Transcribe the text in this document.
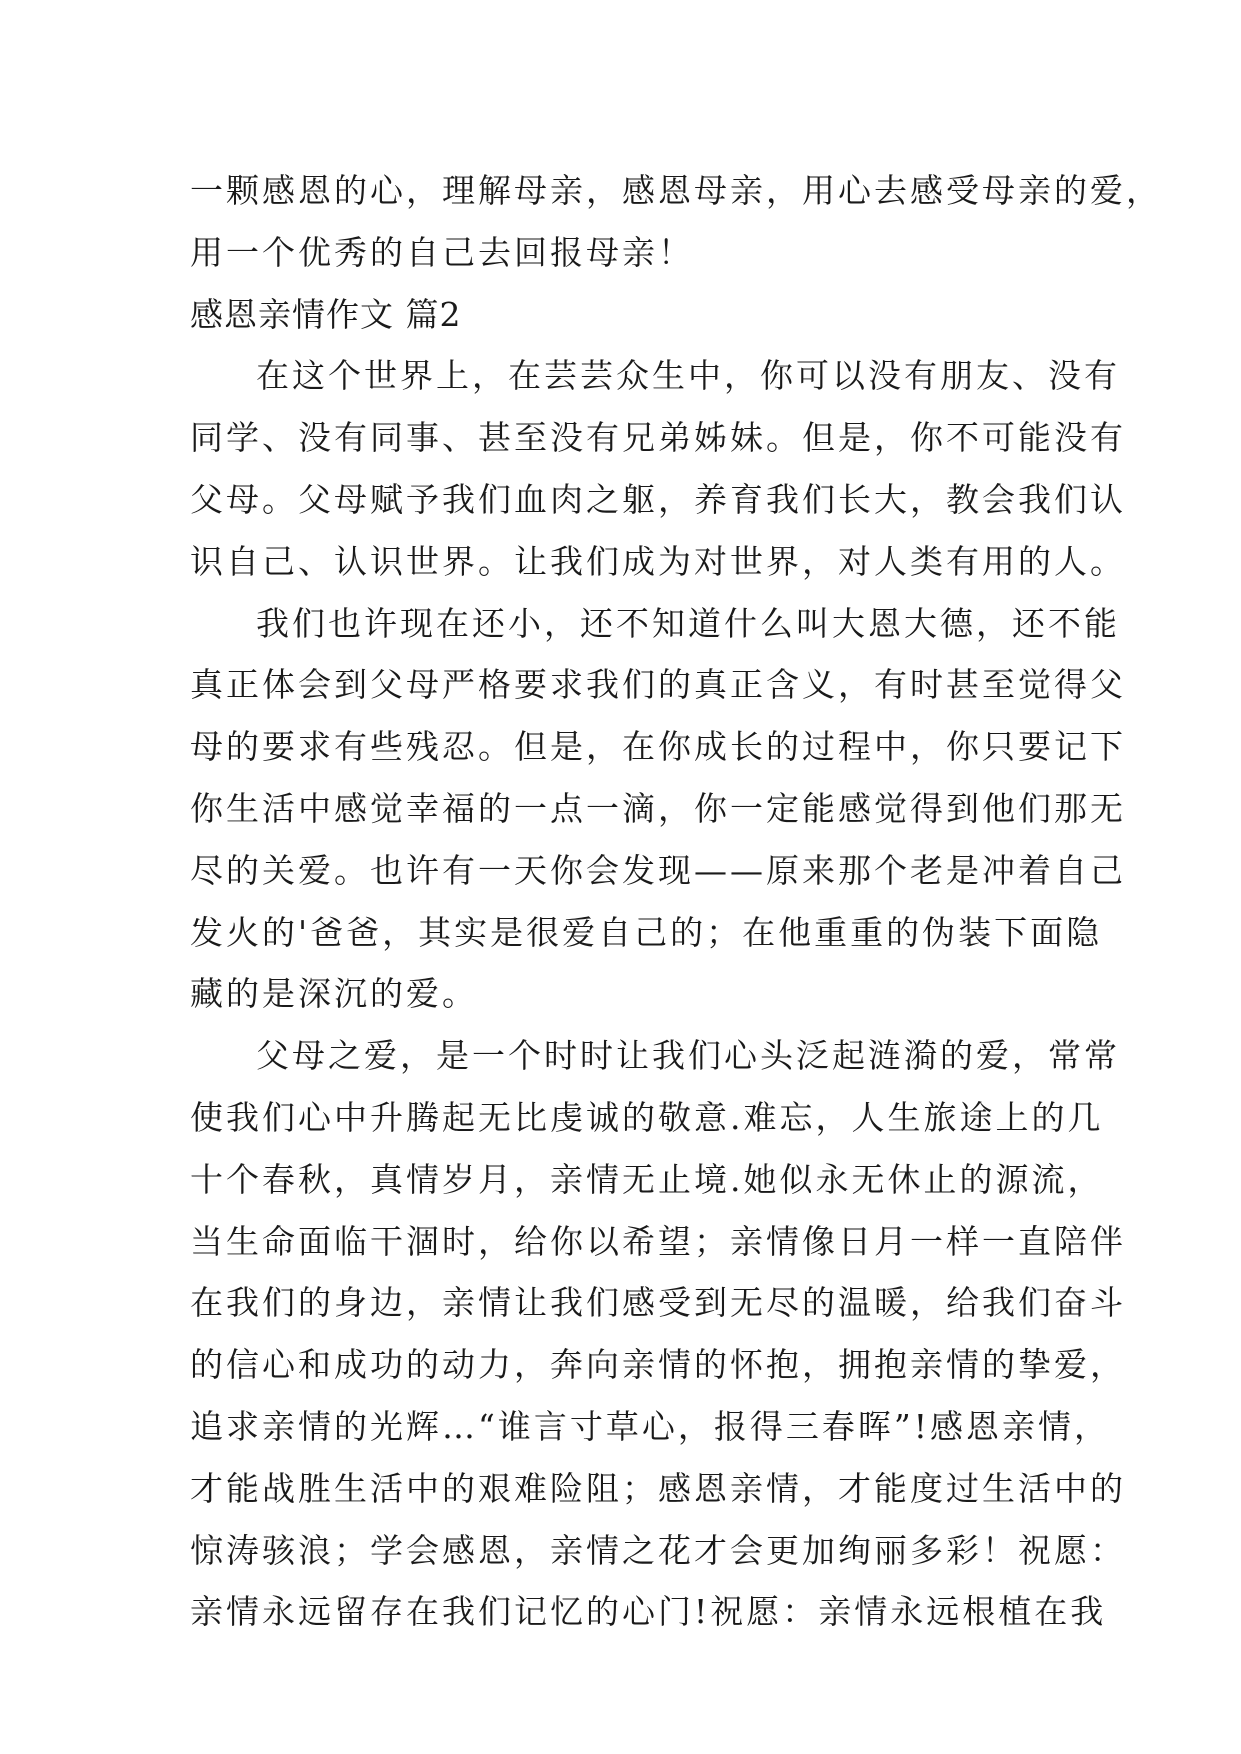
一颗感恩的心，理解母亲，感恩母亲，用心去感受母亲的爱，
用一个优秀的自己去回报母亲！
感恩亲情作文 篇2
在这个世界上，在芸芸众生中，你可以没有朋友、没有
同学、没有同事、甚至没有兄弟姊妹。但是，你不可能没有
父母。父母赋予我们血肉之躯，养育我们长大，教会我们认
识自己、认识世界。让我们成为对世界，对人类有用的人。
我们也许现在还小，还不知道什么叫大恩大德，还不能
真正体会到父母严格要求我们的真正含义，有时甚至觉得父
母的要求有些残忍。但是，在你成长的过程中，你只要记下
你生活中感觉幸福的一点一滴，你一定能感觉得到他们那无
尽的关爱。也许有一天你会发现——原来那个老是冲着自己
发火的'爸爸，其实是很爱自己的；在他重重的伪装下面隐
藏的是深沉的爱。
父母之爱，是一个时时让我们心头泛起涟漪的爱，常常
使我们心中升腾起无比虔诚的敬意.难忘，人生旅途上的几
十个春秋，真情岁月，亲情无止境.她似永无休止的源流，
当生命面临干涸时，给你以希望；亲情像日月一样一直陪伴
在我们的身边，亲情让我们感受到无尽的温暖，给我们奋斗
的信心和成功的动力，奔向亲情的怀抱，拥抱亲情的挚爱，
追求亲情的光辉…“谁言寸草心，报得三春晖”!感恩亲情，
才能战胜生活中的艰难险阻；感恩亲情，才能度过生活中的
惊涛骇浪；学会感恩，亲情之花才会更加绚丽多彩！祝愿：
亲情永远留存在我们记忆的心门!祝愿：亲情永远根植在我
